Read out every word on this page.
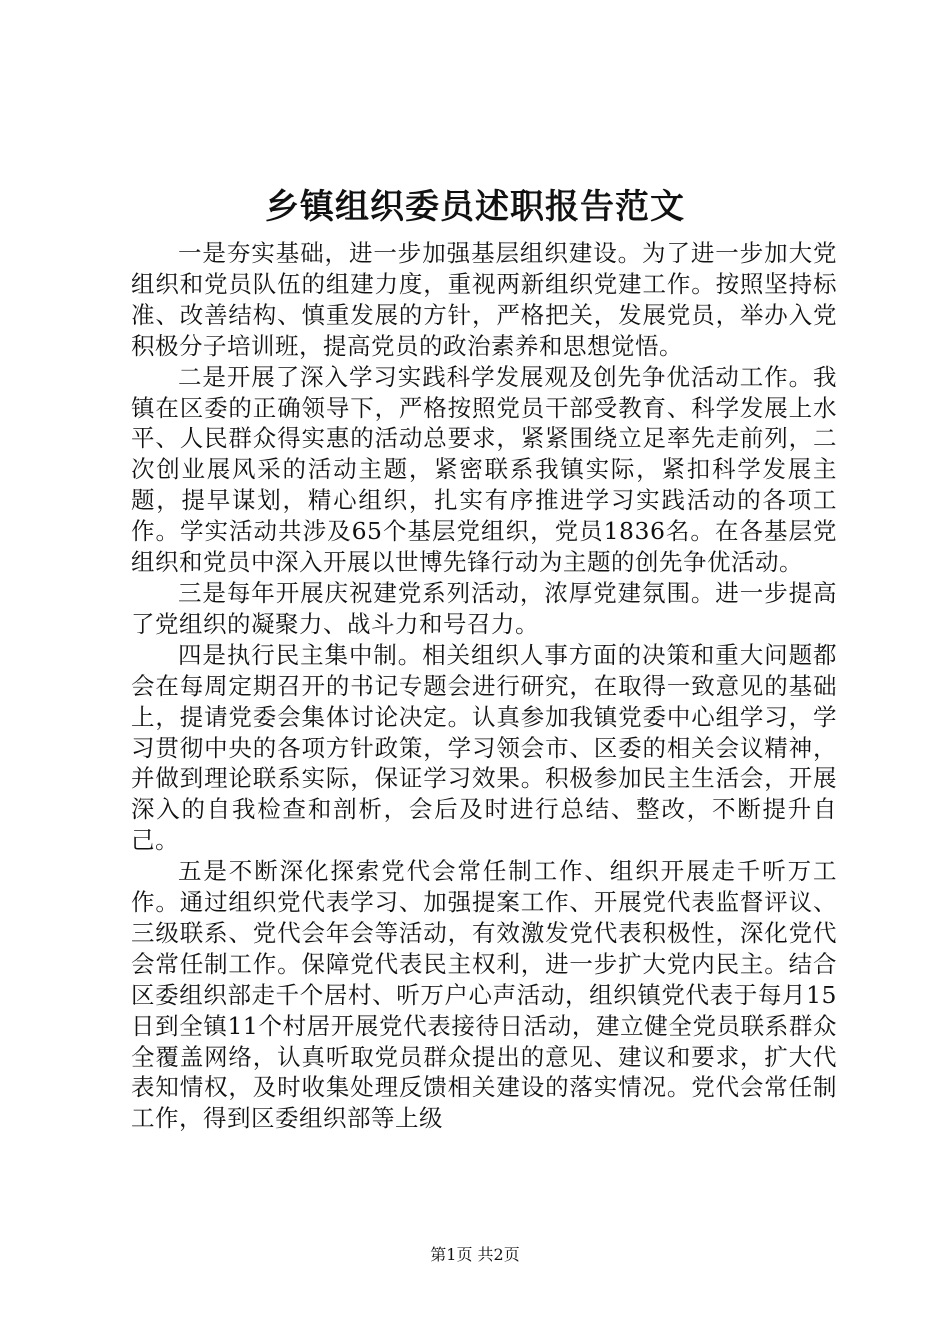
乡镇组织委员述职报告范文

一是夯实基础，进一步加强基层组织建设。为了进一步加大党组织和党员队伍的组建力度，重视两新组织党建工作。按照坚持标准、改善结构、慎重发展的方针，严格把关，发展党员，举办入党积极分子培训班，提高党员的政治素养和思想觉悟。

二是开展了深入学习实践科学发展观及创先争优活动工作。我镇在区委的正确领导下，严格按照党员干部受教育、科学发展上水平、人民群众得实惠的活动总要求，紧紧围绕立足率先走前列，二次创业展风采的活动主题，紧密联系我镇实际，紧扣科学发展主题，提早谋划，精心组织，扎实有序推进学习实践活动的各项工作。学实活动共涉及65个基层党组织，党员1836名。在各基层党组织和党员中深入开展以世博先锋行动为主题的创先争优活动。

三是每年开展庆祝建党系列活动，浓厚党建氛围。进一步提高了党组织的凝聚力、战斗力和号召力。

四是执行民主集中制。相关组织人事方面的决策和重大问题都会在每周定期召开的书记专题会进行研究，在取得一致意见的基础上，提请党委会集体讨论决定。认真参加我镇党委中心组学习，学习贯彻中央的各项方针政策，学习领会市、区委的相关会议精神，并做到理论联系实际，保证学习效果。积极参加民主生活会，开展深入的自我检查和剖析，会后及时进行总结、整改，不断提升自己。

五是不断深化探索党代会常任制工作、组织开展走千听万工作。通过组织党代表学习、加强提案工作、开展党代表监督评议、三级联系、党代会年会等活动，有效激发党代表积极性，深化党代会常任制工作。保障党代表民主权利，进一步扩大党内民主。结合区委组织部走千个居村、听万户心声活动，组织镇党代表于每月15日到全镇11个村居开展党代表接待日活动，建立健全党员联系群众全覆盖网络，认真听取党员群众提出的意见、建议和要求，扩大代表知情权，及时收集处理反馈相关建设的落实情况。党代会常任制工作，得到区委组织部等上级

第1页 共2页
